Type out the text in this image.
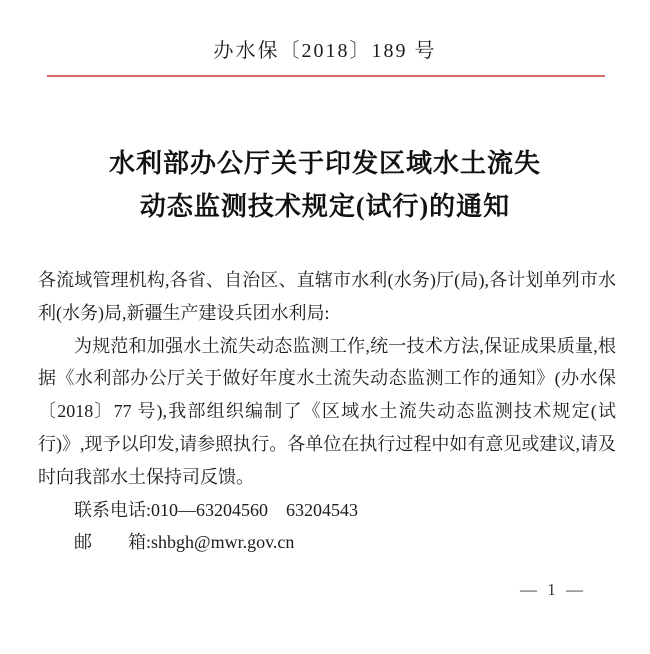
办水保〔2018〕189 号
水利部办公厅关于印发区域水土流失
动态监测技术规定(试行)的通知

各流域管理机构,各省、自治区、直辖市水利(水务)厅(局),各计划单列市水利(水务)局,新疆生产建设兵团水利局:

为规范和加强水土流失动态监测工作,统一技术方法,保证成果质量,根据《水利部办公厅关于做好年度水土流失动态监测工作的通知》(办水保〔2018〕77 号),我部组织编制了《区域水土流失动态监测技术规定(试行)》,现予以印发,请参照执行。各单位在执行过程中如有意见或建议,请及时向我部水土保持司反馈。

联系电话:010—63204560　63204543

邮　　箱:shbgh@mwr.gov.cn

— 1 —
